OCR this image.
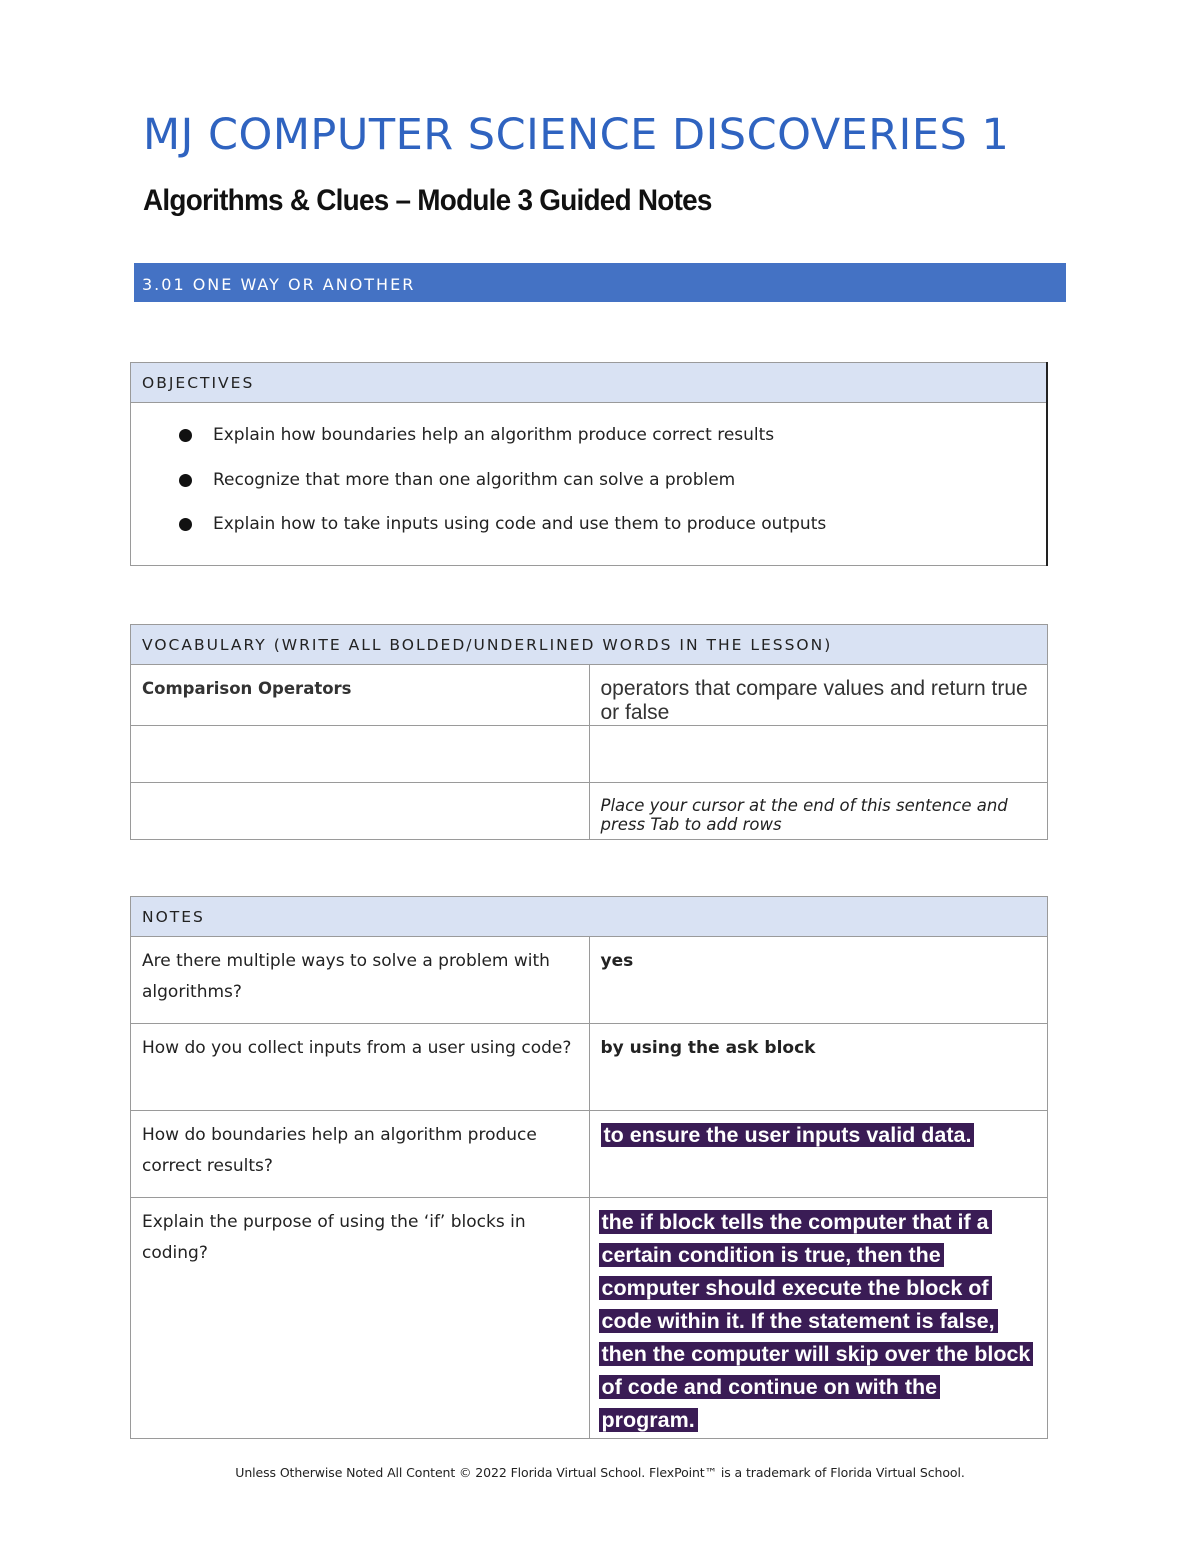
MJ COMPUTER SCIENCE DISCOVERIES 1
Algorithms & Clues – Module 3 Guided Notes
3.01 ONE WAY OR ANOTHER
OBJECTIVES

Explain how boundaries help an algorithm produce correct results
Recognize that more than one algorithm can solve a problem
Explain how to take inputs using code and use them to produce outputs
VOCABULARY (WRITE ALL BOLDED/UNDERLINED WORDS IN THE LESSON)	
Comparison Operators	operators that compare values and return true or false

	Place your cursor at the end of this sentence and press Tab to add rows
NOTES	
Are there multiple ways to solve a problem with algorithms?	yes
How do you collect inputs from a user using code?	by using the ask block
How do boundaries help an algorithm produce correct results?	to ensure the user inputs valid data.
Explain the purpose of using the ‘if’ blocks in coding?	the if block tells the computer that if a certain condition is true, then the computer should execute the block of code within it. If the statement is false, then the computer will skip over the block of code and continue on with the program.
Unless Otherwise Noted All Content © 2022 Florida Virtual School. FlexPoint™ is a trademark of Florida Virtual School.
